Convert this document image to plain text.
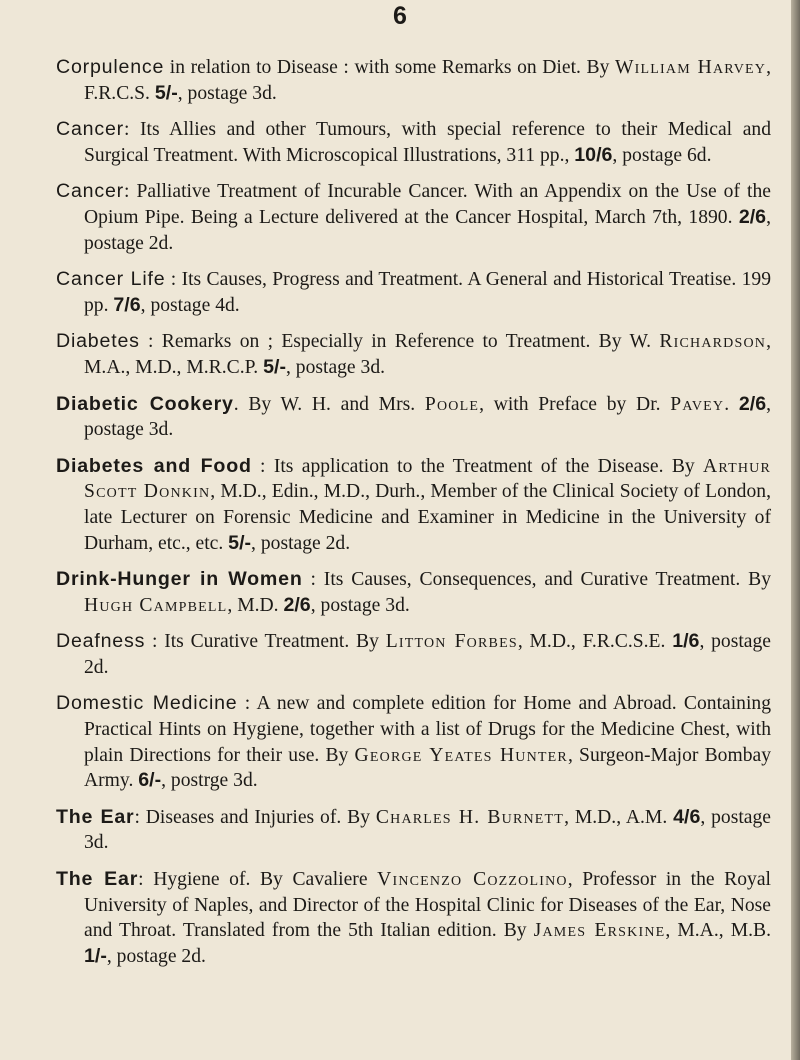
6

Corpulence in relation to Disease : with some Remarks on Diet. By William Harvey, F.R.C.S. 5/-, postage 3d.

Cancer: Its Allies and other Tumours, with special reference to their Medical and Surgical Treatment. With Microscopical Illustrations, 311 pp., 10/6, postage 6d.

Cancer: Palliative Treatment of Incurable Cancer. With an Appendix on the Use of the Opium Pipe. Being a Lecture delivered at the Cancer Hospital, March 7th, 1890. 2/6, postage 2d.

Cancer Life : Its Causes, Progress and Treatment. A General and Historical Treatise. 199 pp. 7/6, postage 4d.

Diabetes : Remarks on ; Especially in Reference to Treatment. By W. Richardson, M.A., M.D., M.R.C.P. 5/-, postage 3d.

Diabetic Cookery. By W. H. and Mrs. Poole, with Preface by Dr. Pavey. 2/6, postage 3d.

Diabetes and Food : Its application to the Treatment of the Disease. By Arthur Scott Donkin, M.D., Edin., M.D., Durh., Member of the Clinical Society of London, late Lecturer on Forensic Medicine and Examiner in Medicine in the University of Durham, etc., etc. 5/-, postage 2d.

Drink-Hunger in Women : Its Causes, Consequences, and Curative Treatment. By Hugh Campbell, M.D. 2/6, postage 3d.

Deafness : Its Curative Treatment. By Litton Forbes, M.D., F.R.C.S.E. 1/6, postage 2d.

Domestic Medicine : A new and complete edition for Home and Abroad. Containing Practical Hints on Hygiene, together with a list of Drugs for the Medicine Chest, with plain Directions for their use. By George Yeates Hunter, Surgeon-Major Bombay Army. 6/-, postrge 3d.

The Ear: Diseases and Injuries of. By Charles H. Burnett, M.D., A.M. 4/6, postage 3d.

The Ear: Hygiene of. By Cavaliere Vincenzo Cozzolino, Professor in the Royal University of Naples, and Director of the Hospital Clinic for Diseases of the Ear, Nose and Throat. Translated from the 5th Italian edition. By James Erskine, M.A., M.B. 1/-, postage 2d.
